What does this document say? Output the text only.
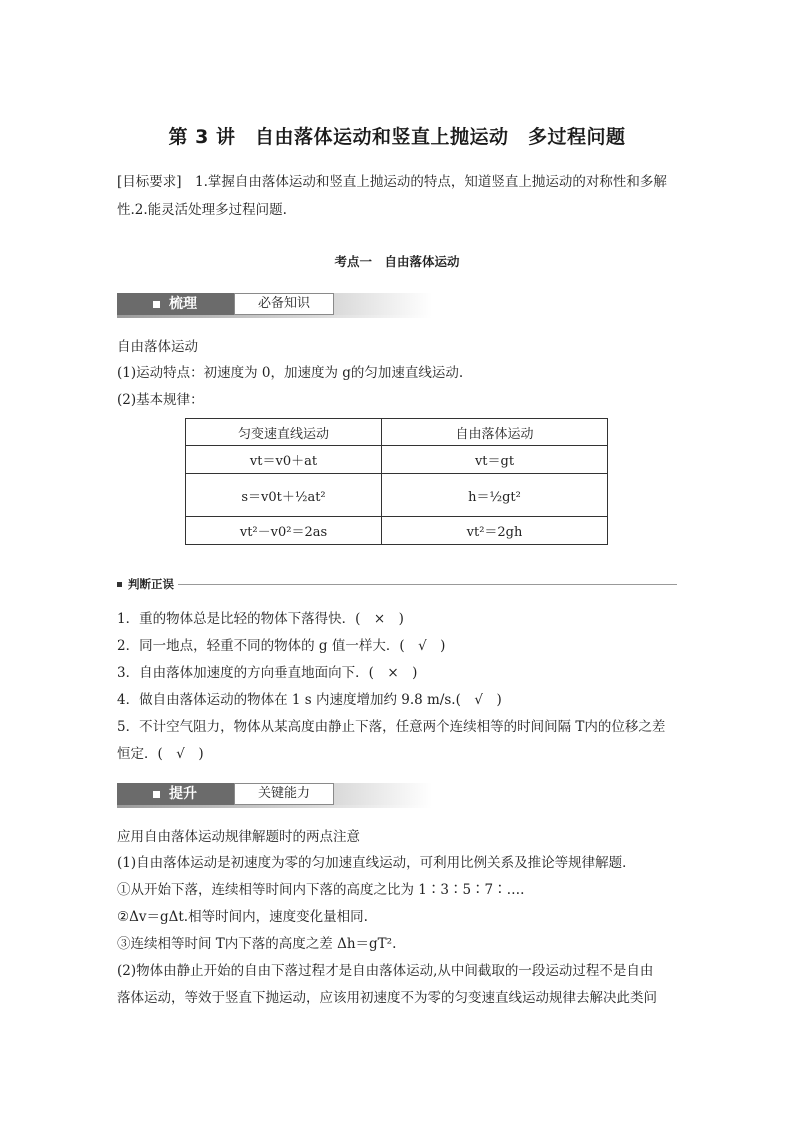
第 3 讲　自由落体运动和竖直上抛运动　多过程问题
[目标要求]　1.掌握自由落体运动和竖直上抛运动的特点，知道竖直上抛运动的对称性和多解
性.2.能灵活处理多过程问题.
考点一　自由落体运动
梳理	必备知识
自由落体运动
(1)运动特点：初速度为 0，加速度为 g的匀加速直线运动.
(2)基本规律：
匀变速直线运动	自由落体运动
vt＝v0＋at	vt＝gt
s＝v0t＋½at²	h＝½gt²
vt²－v0²＝2as	vt²＝2gh
判断正误
1．重的物体总是比轻的物体下落得快．(　×　)
2．同一地点，轻重不同的物体的 g 值一样大．(　√　)
3．自由落体加速度的方向垂直地面向下．(　×　)
4．做自由落体运动的物体在 1 s 内速度增加约 9.8 m/s.(　√　)
5．不计空气阻力，物体从某高度由静止下落，任意两个连续相等的时间间隔 T内的位移之差
恒定．(　√　)
提升	关键能力
应用自由落体运动规律解题时的两点注意
(1)自由落体运动是初速度为零的匀加速直线运动，可利用比例关系及推论等规律解题．
①从开始下落，连续相等时间内下落的高度之比为 1∶3∶5∶7∶….
②Δv＝gΔt.相等时间内，速度变化量相同.
③连续相等时间 T内下落的高度之差 Δh＝gT².
(2)物体由静止开始的自由下落过程才是自由落体运动,从中间截取的一段运动过程不是自由
落体运动，等效于竖直下抛运动，应该用初速度不为零的匀变速直线运动规律去解决此类问
